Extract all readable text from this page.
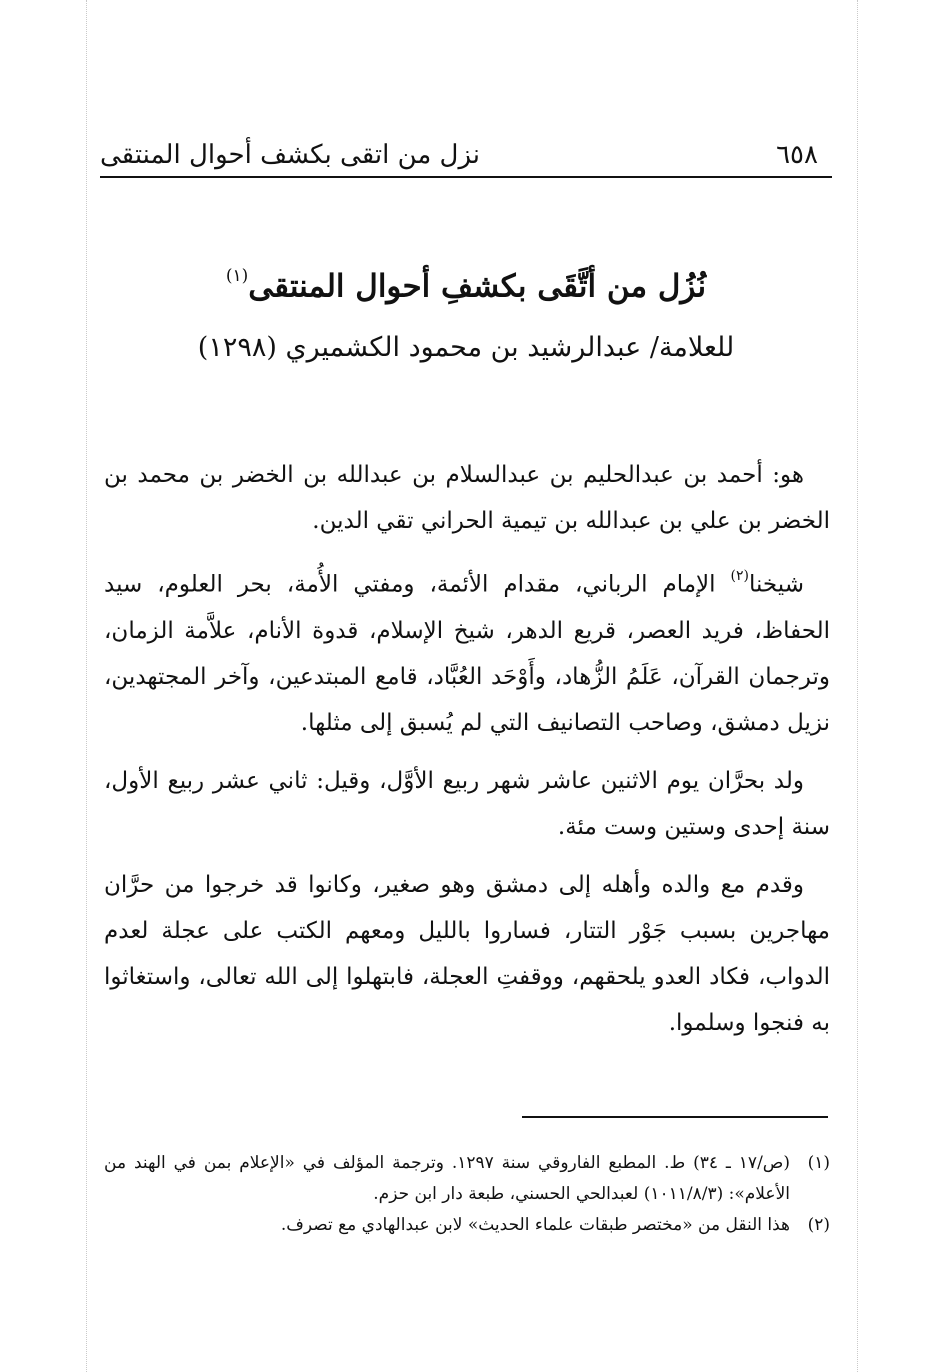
نزل من اتقى بكشف أحوال المنتقى	٦٥٨
نُزُل من أتَّقَى بكشفِ أحوال المنتقى$^{(١)}$
للعلامة/ عبدالرشيد بن محمود الكشميري (١٢٩٨)

هو: أحمد بن عبدالحليم بن عبدالسلام بن عبدالله بن الخضر بن محمد بن الخضر بن علي بن عبدالله بن تيمية الحراني تقي الدين.

شيخنا$^{(٢)}$ الإمام الرباني، مقدام الأئمة، ومفتي الأُمة، بحر العلوم، سيد الحفاظ، فريد العصر، قريع الدهر، شيخ الإسلام، قدوة الأنام، علاَّمة الزمان، وترجمان القرآن، عَلَمُ الزُّهاد، وأَوْحَد العُبَّاد، قامع المبتدعين، وآخر المجتهدين، نزيل دمشق، وصاحب التصانيف التي لم يُسبق إلى مثلها.

ولد بحرَّان يوم الاثنين عاشر شهر ربيع الأوَّل، وقيل: ثاني عشر ربيع الأول، سنة إحدى وستين وست مئة.

وقدم مع والده وأهله إلى دمشق وهو صغير، وكانوا قد خرجوا من حرَّان مهاجرين بسبب جَوْر التتار، فساروا بالليل ومعهم الكتب على عجلة لعدم الدواب، فكاد العدو يلحقهم، ووقفتِ العجلة، فابتهلوا إلى الله تعالى، واستغاثوا به فنجوا وسلموا.

(١)
(ص/١٧ ـ ٣٤) ط. المطبع الفاروقي سنة ١٢٩٧. وترجمة المؤلف في «الإعلام بمن في الهند من الأعلام»: (١٠١١/٨/٣) لعبدالحي الحسني، طبعة دار ابن حزم.
(٢)
هذا النقل من «مختصر طبقات علماء الحديث» لابن عبدالهادي مع تصرف.
